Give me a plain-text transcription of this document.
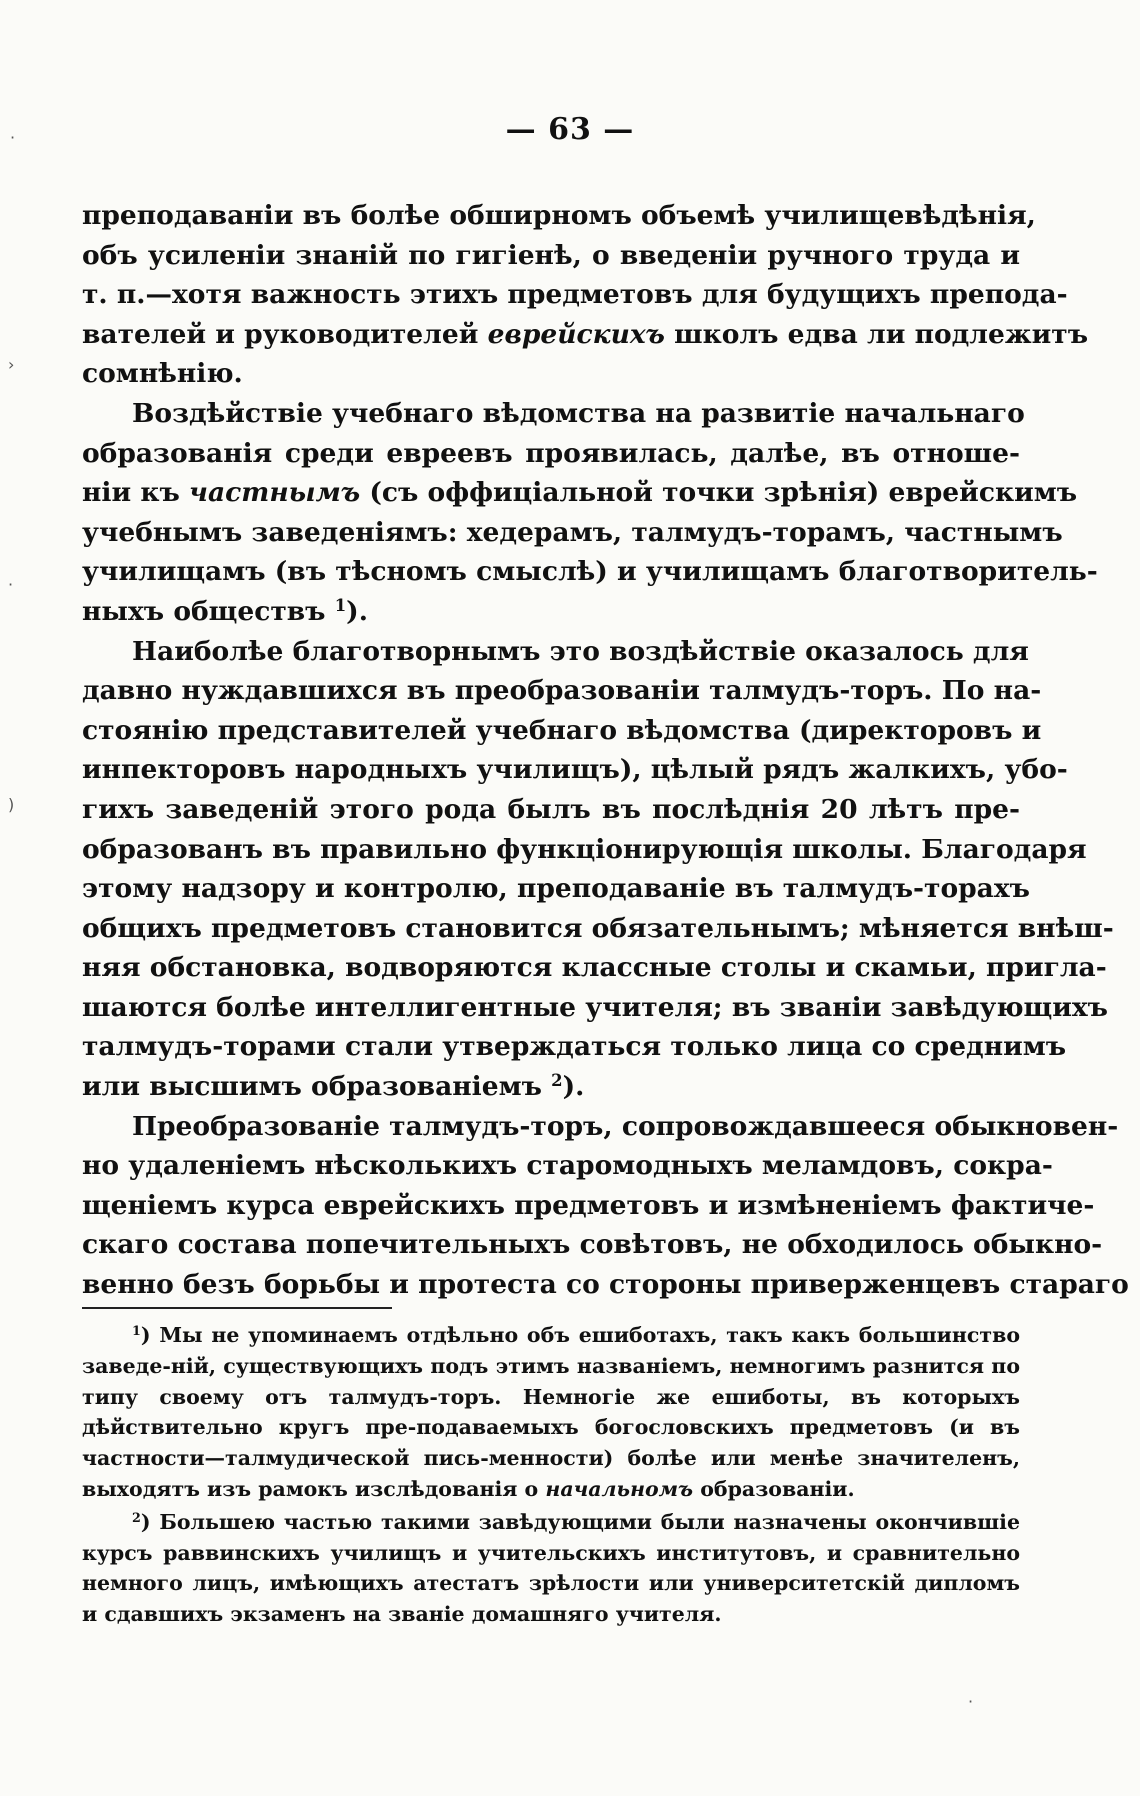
— 63 —

преподаванiи въ болѣе обширномъ объемѣ училищевѣдѣнiя,
объ усиленiи знанiй по гигiенѣ, о введенiи ручного труда и
т. п.—хотя важность этихъ предметовъ для будущихъ препода-
вателей и руководителей еврейскихъ школъ едва ли подлежитъ
сомнѣнiю.

Воздѣйствiе учебнаго вѣдомства на развитiе начальнаго
образованiя среди евреевъ проявилась, далѣе, въ отноше-
нiи къ частнымъ (съ оффицiальной точки зрѣнiя) еврейскимъ
учебнымъ заведенiямъ: хедерамъ, талмудъ-торамъ, частнымъ
училищамъ (въ тѣсномъ смыслѣ) и училищамъ благотворитель-
ныхъ обществъ $^1$).

Наиболѣе благотворнымъ это воздѣйствiе оказалось для
давно нуждавшихся въ преобразованiи талмудъ-торъ. По на-
стоянiю представителей учебнаго вѣдомства (директоровъ и
инпекторовъ народныхъ училищъ), цѣлый рядъ жалкихъ, убо-
гихъ заведенiй этого рода былъ въ послѣднiя 20 лѣтъ пре-
образованъ въ правильно функцiонирующiя школы. Благодаря
этому надзору и контролю, преподаванiе въ талмудъ-торахъ
общихъ предметовъ становится обязательнымъ; мѣняется внѣш-
няя обстановка, водворяются классные столы и скамьи, пригла-
шаются болѣе интеллигентные учителя; въ званiи завѣдующихъ
талмудъ-торами стали утверждаться только лица со среднимъ
или высшимъ образованiемъ $^2$).

Преобразованiе талмудъ-торъ, сопровождавшееся обыкновен-
но удаленiемъ нѣсколькихъ старомодныхъ меламдовъ, сокра-
щенiемъ курса еврейскихъ предметовъ и измѣненiемъ фактиче-
скаго состава попечительныхъ совѣтовъ, не обходилось обыкно-
венно безъ борьбы и протеста со стороны приверженцевъ стараго

$^1$) Мы не упоминаемъ отдѣльно объ ешиботахъ, такъ какъ большинство заведе-нiй, существующихъ подъ этимъ названiемъ, немногимъ разнится по типу своему отъ талмудъ-торъ. Немногiе же ешиботы, въ которыхъ дѣйствительно кругъ пре-подаваемыхъ богословскихъ предметовъ (и въ частности—талмудической пись-менности) болѣе или менѣе значителенъ, выходятъ изъ рамокъ изслѣдованiя о начальномъ образованiи.

$^2$) Большею частью такими завѣдующими были назначены окончившiе курсъ раввинскихъ училищъ и учительскихъ институтовъ, и сравнительно немного лицъ, имѣющихъ атестатъ зрѣлости или университетскiй дипломъ и сдавшихъ экзаменъ на званiе домашняго учителя.

·
›
·
)
·
